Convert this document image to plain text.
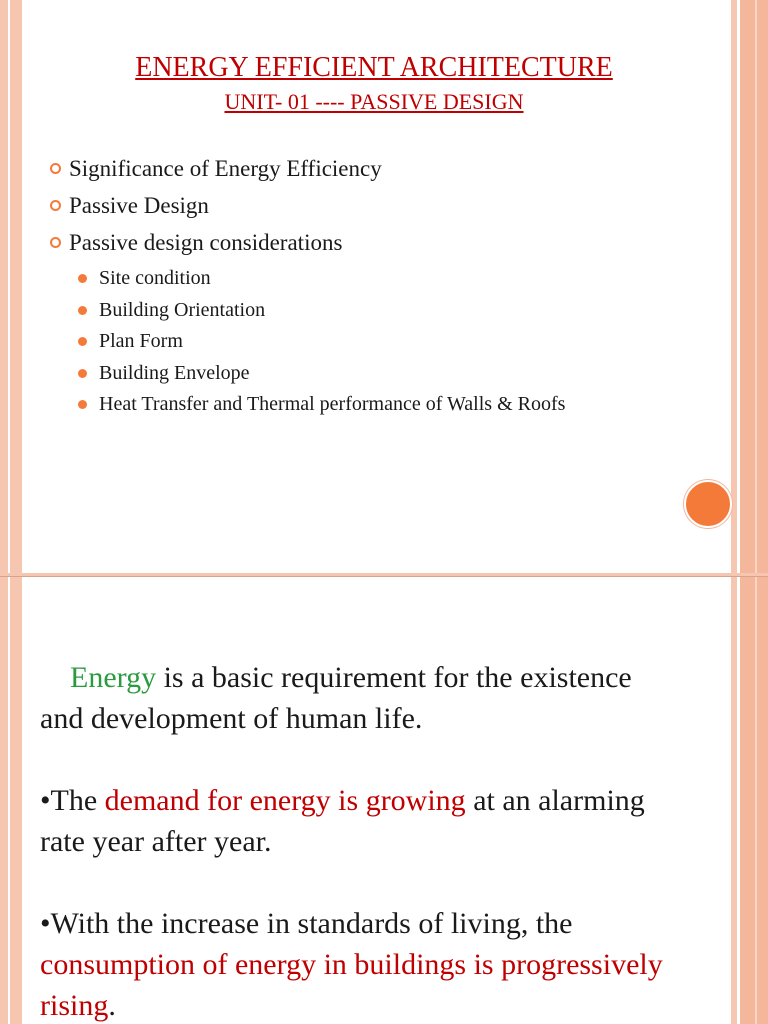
ENERGY EFFICIENT ARCHITECTURE
UNIT- 01 ---- PASSIVE DESIGN
Significance of Energy Efficiency
Passive Design
Passive design considerations
Site condition
Building Orientation
Plan Form
Building Envelope
Heat Transfer and Thermal performance of Walls & Roofs

Energy is a basic requirement for the existence and development of human life.

•The demand for energy is growing at an alarming rate year after year.

•With the increase in standards of living, the consumption of energy in buildings is progressively rising.
